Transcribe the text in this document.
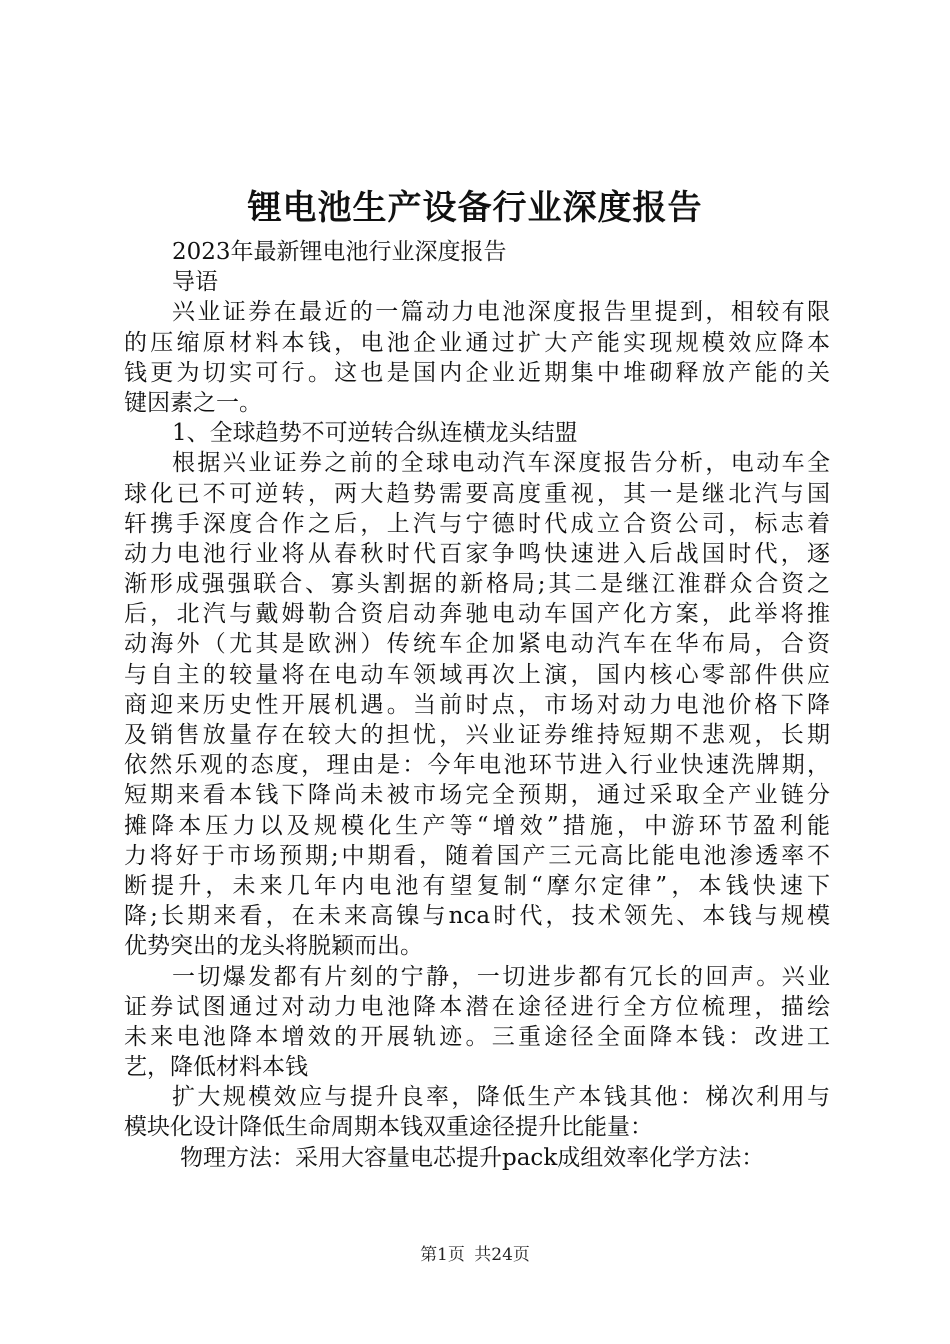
锂电池生产设备行业深度报告
2023年最新锂电池行业深度报告
导语
兴业证券在最近的一篇动力电池深度报告里提到，相较有限
的压缩原材料本钱，电池企业通过扩大产能实现规模效应降本
钱更为切实可行。这也是国内企业近期集中堆砌释放产能的关
键因素之一。
1、全球趋势不可逆转合纵连横龙头结盟
根据兴业证券之前的全球电动汽车深度报告分析，电动车全
球化已不可逆转，两大趋势需要高度重视，其一是继北汽与国
轩携手深度合作之后，上汽与宁德时代成立合资公司，标志着
动力电池行业将从春秋时代百家争鸣快速进入后战国时代，逐
渐形成强强联合、寡头割据的新格局;其二是继江淮群众合资之
后，北汽与戴姆勒合资启动奔驰电动车国产化方案，此举将推
动海外（尤其是欧洲）传统车企加紧电动汽车在华布局，合资
与自主的较量将在电动车领域再次上演，国内核心零部件供应
商迎来历史性开展机遇。当前时点，市场对动力电池价格下降
及销售放量存在较大的担忧，兴业证券维持短期不悲观，长期
依然乐观的态度，理由是：今年电池环节进入行业快速洗牌期，
短期来看本钱下降尚未被市场完全预期，通过采取全产业链分
摊降本压力以及规模化生产等“增效”措施，中游环节盈利能
力将好于市场预期;中期看，随着国产三元高比能电池渗透率不
断提升，未来几年内电池有望复制“摩尔定律”，本钱快速下
降;长期来看，在未来高镍与nca时代，技术领先、本钱与规模
优势突出的龙头将脱颖而出。
一切爆发都有片刻的宁静，一切进步都有冗长的回声。兴业
证券试图通过对动力电池降本潜在途径进行全方位梳理，描绘
未来电池降本增效的开展轨迹。三重途径全面降本钱：改进工
艺，降低材料本钱
扩大规模效应与提升良率，降低生产本钱其他：梯次利用与
模块化设计降低生命周期本钱双重途径提升比能量：
物理方法：采用大容量电芯提升pack成组效率化学方法：
第1页 共24页
